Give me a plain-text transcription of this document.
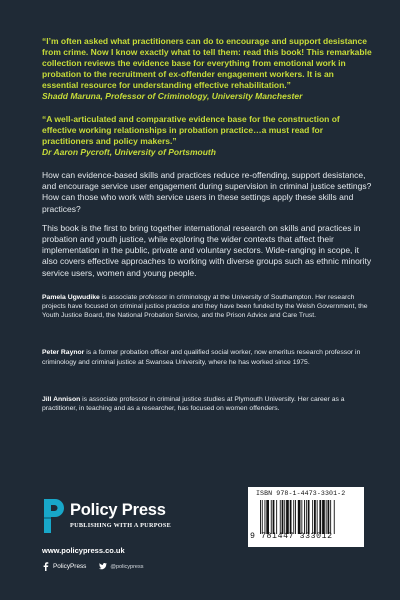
“I’m often asked what practitioners can do to encourage and support desistance from crime. Now I know exactly what to tell them: read this book! This remarkable collection reviews the evidence base for everything from emotional work in probation to the recruitment of ex-offender engagement workers. It is an essential resource for understanding effective rehabilitation.”

Shadd Maruna, Professor of Criminology, University Manchester

“A well-articulated and comparative evidence base for the construction of effective working relationships in probation practice…a must read for practitioners and policy makers.”

Dr Aaron Pycroft, University of Portsmouth

How can evidence-based skills and practices reduce re-offending, support desistance, and encourage service user engagement during supervision in criminal justice settings? How can those who work with service users in these settings apply these skills and practices?

This book is the first to bring together international research on skills and practices in probation and youth justice, while exploring the wider contexts that affect their implementation in the public, private and voluntary sectors. Wide-ranging in scope, it also covers effective approaches to working with diverse groups such as ethnic minority service users, women and young people.

Pamela Ugwudike is associate professor in criminology at the University of Southampton. Her research projects have focused on criminal justice practice and they have been funded by the Welsh Government, the Youth Justice Board, the National Probation Service, and the Prison Advice and Care Trust.

Peter Raynor is a former probation officer and qualified social worker, now emeritus research professor in criminology and criminal justice at Swansea University, where he has worked since 1975.

Jill Annison is associate professor in criminal justice studies at Plymouth University. Her career as a practitioner, in teaching and as a researcher, has focused on women offenders.

Policy Press
PUBLISHING WITH A PURPOSE
ISBN 978-1-4473-3301-2
9 781447 333012
www.policypress.co.uk
PolicyPress	@policypress
